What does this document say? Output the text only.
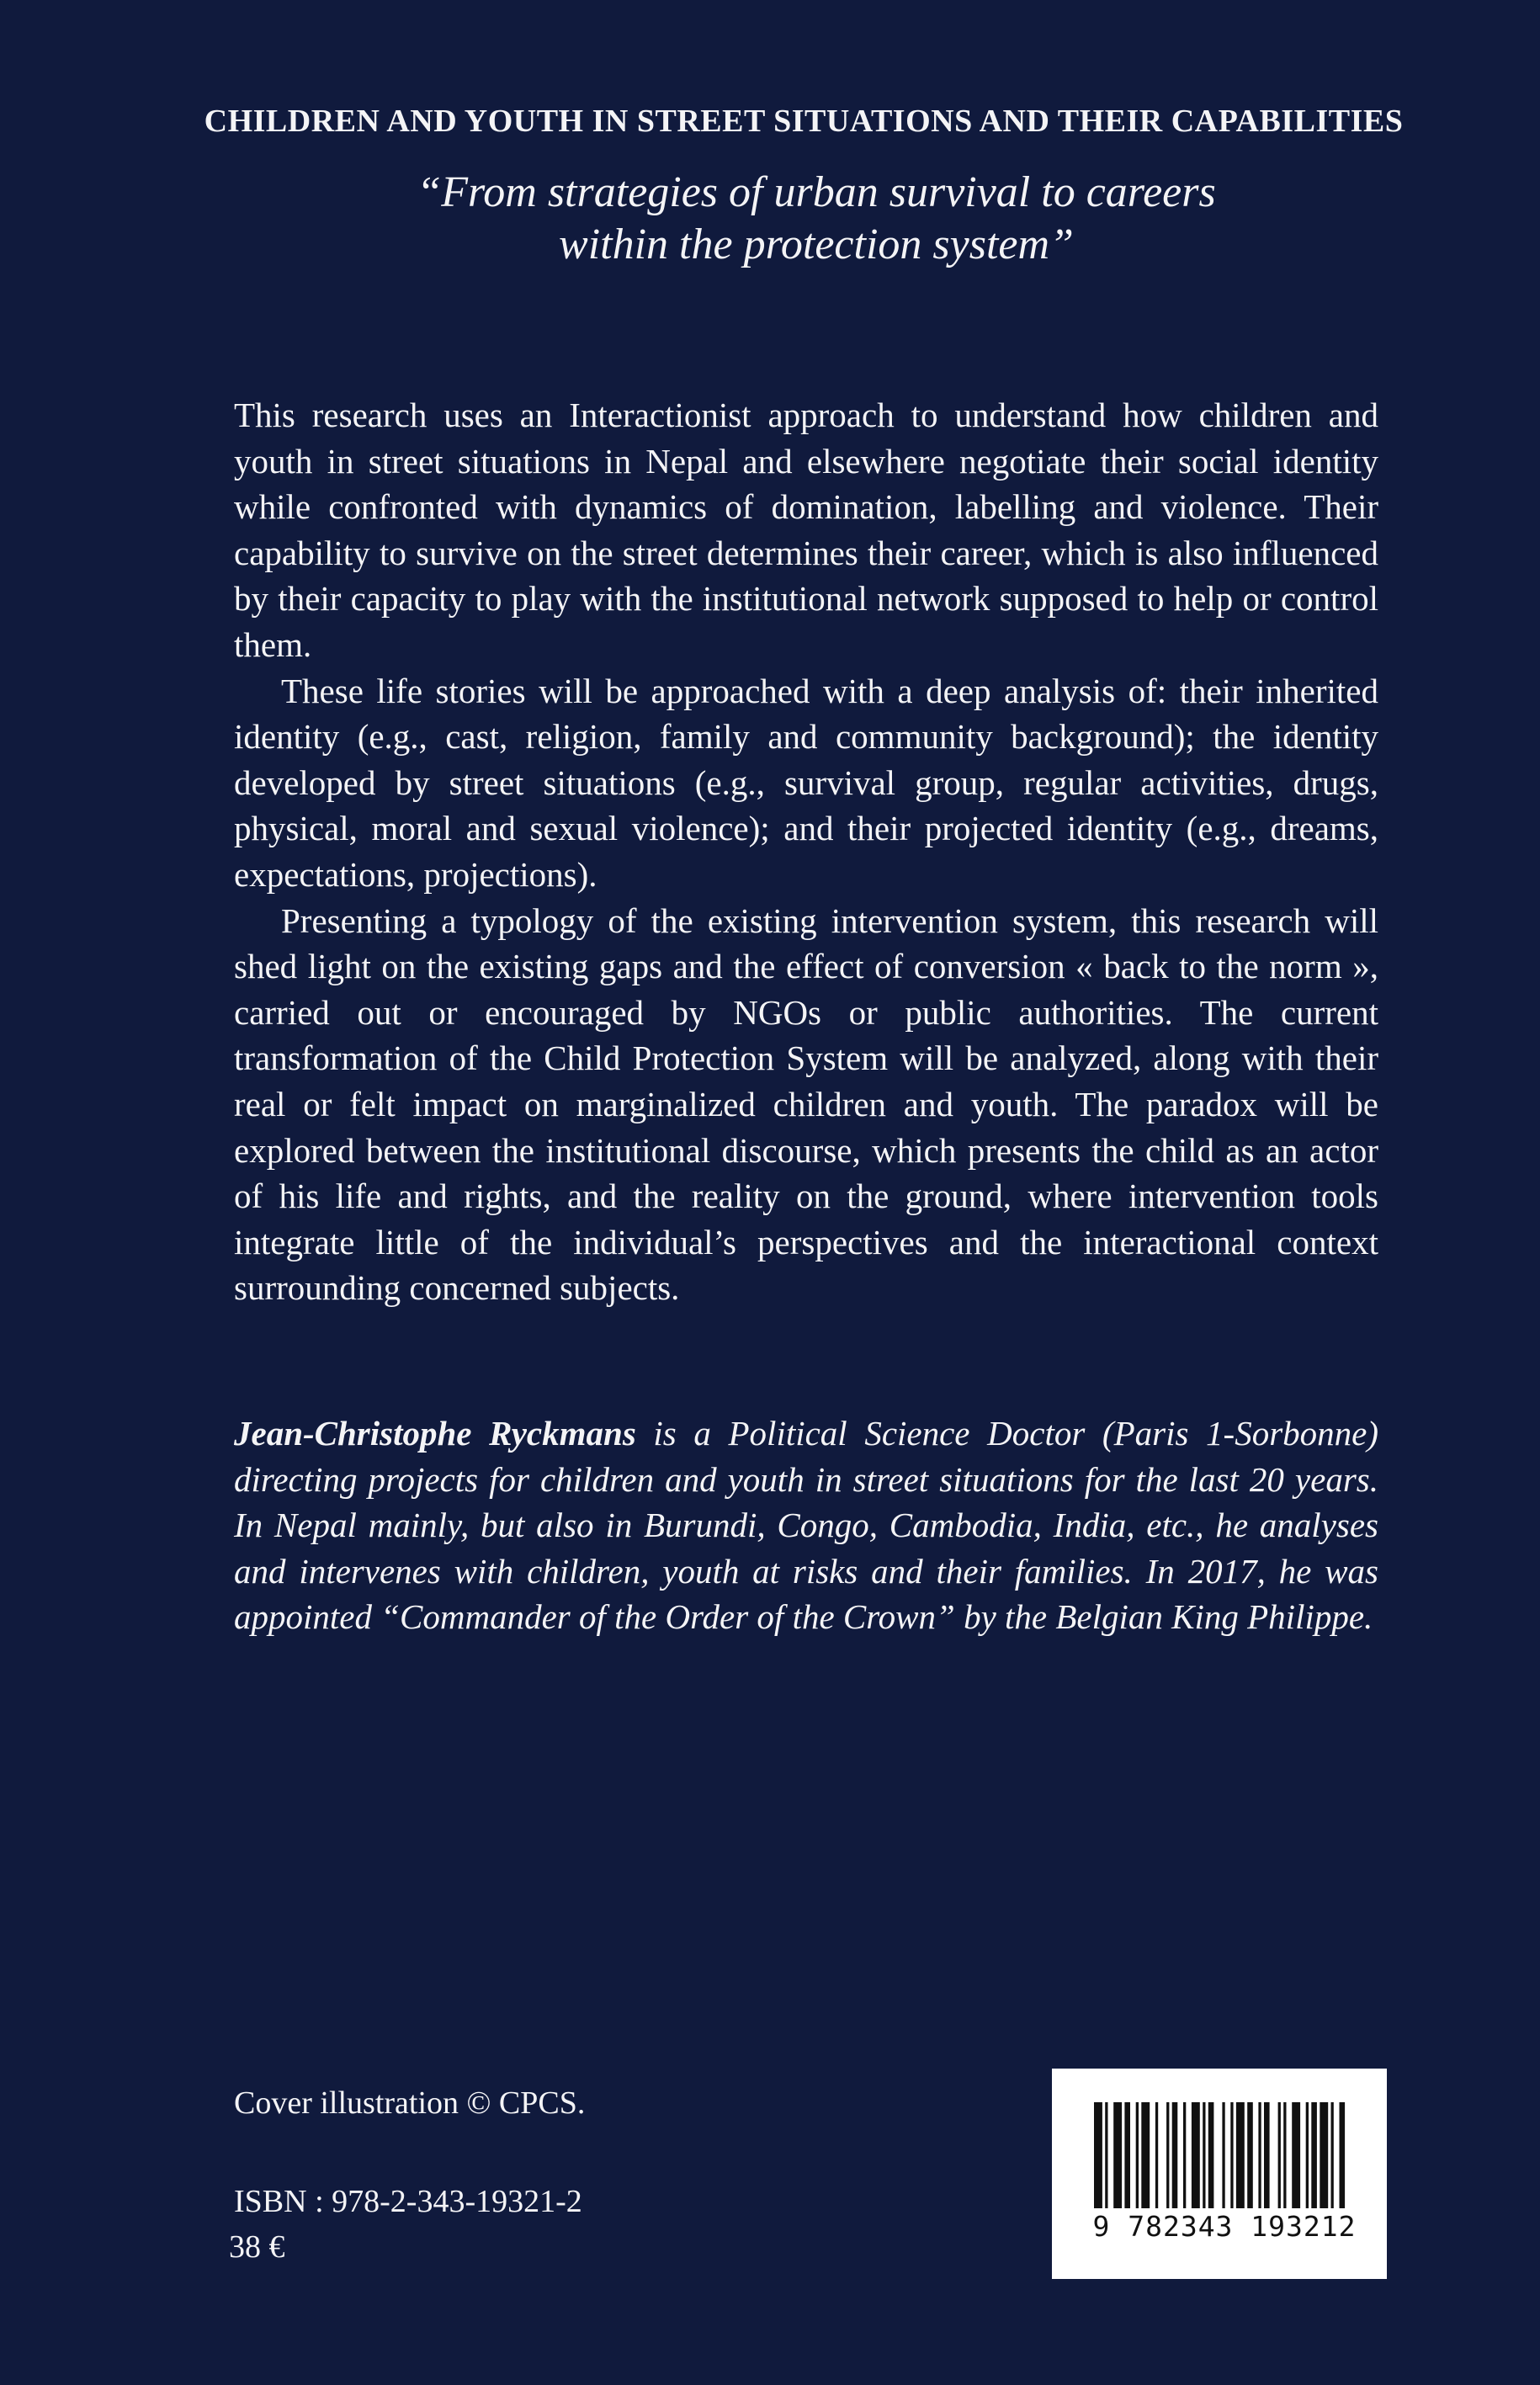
CHILDREN AND YOUTH IN STREET SITUATIONS AND THEIR CAPABILITIES
“From strategies of urban survival to careers
within the protection system”

This research uses an Interactionist approach to understand how children and youth in street situations in Nepal and elsewhere negotiate their social identity while confronted with dynamics of domination, labelling and violence. Their capability to survive on the street determines their career, which is also influenced by their capacity to play with the institutional network supposed to help or control them.

These life stories will be approached with a deep analysis of: their inherited identity (e.g., cast, religion, family and community background); the identity developed by street situations (e.g., survival group, regular activities, drugs, physical, moral and sexual violence); and their projected identity (e.g., dreams, expectations, projections).

Presenting a typology of the existing intervention system, this research will shed light on the existing gaps and the effect of conversion « back to the norm », carried out or encouraged by NGOs or public authorities. The current transformation of the Child Protection System will be analyzed, along with their real or felt impact on marginalized children and youth. The paradox will be explored between the institutional discourse, which presents the child as an actor of his life and rights, and the reality on the ground, where intervention tools integrate little of the individual’s perspectives and the interactional context surrounding concerned subjects.

Jean-Christophe Ryckmans is a Political Science Doctor (Paris 1-Sorbonne) directing projects for children and youth in street situations for the last 20 years. In Nepal mainly, but also in Burundi, Congo, Cambodia, India, etc., he analyses and intervenes with children, youth at risks and their families. In 2017, he was appointed “Commander of the Order of the Crown” by the Belgian King Philippe.
Cover illustration © CPCS.
ISBN : 978-2-343-19321-2
38 €
9 782343 193212
